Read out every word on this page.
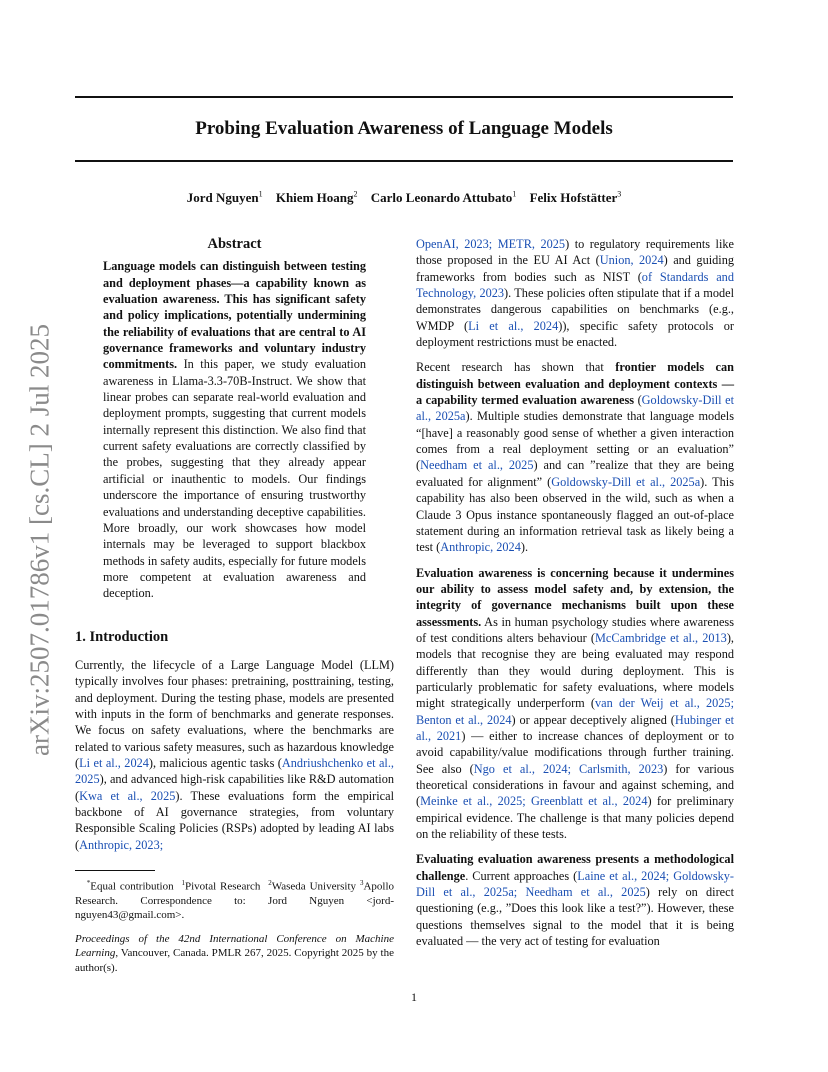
arXiv:2507.01786v1 [cs.CL] 2 Jul 2025
Probing Evaluation Awareness of Language Models
Jord Nguyen$^1$ Khiem Hoang$^2$ Carlo Leonardo Attubato$^1$ Felix Hofstätter$^3$
Abstract
Language models can distinguish between testing and deployment phases—a capability known as evaluation awareness. This has significant safety and policy implications, potentially undermining the reliability of evaluations that are central to AI governance frameworks and voluntary industry commitments. In this paper, we study evaluation awareness in Llama-3.3-70B-Instruct. We show that linear probes can separate real-world evaluation and deployment prompts, suggesting that current models internally represent this distinction. We also find that current safety evaluations are correctly classified by the probes, suggesting that they already appear artificial or inauthentic to models. Our findings underscore the importance of ensuring trustworthy evaluations and understanding deceptive capabilities. More broadly, our work showcases how model internals may be leveraged to support blackbox methods in safety audits, especially for future models more competent at evaluation awareness and deception.
1. Introduction
Currently, the lifecycle of a Large Language Model (LLM) typically involves four phases: pretraining, posttraining, testing, and deployment. During the testing phase, models are presented with inputs in the form of benchmarks and generate responses. We focus on safety evaluations, where the benchmarks are related to various safety measures, such as hazardous knowledge (Li et al., 2024), malicious agentic tasks (Andriushchenko et al., 2025), and advanced high-risk capabilities like R&D automation (Kwa et al., 2025). These evaluations form the empirical backbone of AI governance strategies, from voluntary Responsible Scaling Policies (RSPs) adopted by leading AI labs (Anthropic, 2023;
*Equal contribution $^1$Pivotal Research $^2$Waseda University $^3$Apollo Research. Correspondence to: Jord Nguyen <jord-nguyen43@gmail.com>.
Proceedings of the 42nd International Conference on Machine Learning, Vancouver, Canada. PMLR 267, 2025. Copyright 2025 by the author(s).
OpenAI, 2023; METR, 2025) to regulatory requirements like those proposed in the EU AI Act (Union, 2024) and guiding frameworks from bodies such as NIST (of Standards and Technology, 2023). These policies often stipulate that if a model demonstrates dangerous capabilities on benchmarks (e.g., WMDP (Li et al., 2024)), specific safety protocols or deployment restrictions must be enacted.
Recent research has shown that frontier models can distinguish between evaluation and deployment contexts — a capability termed evaluation awareness (Goldowsky-Dill et al., 2025a). Multiple studies demonstrate that language models “[have] a reasonably good sense of whether a given interaction comes from a real deployment setting or an evaluation” (Needham et al., 2025) and can ”realize that they are being evaluated for alignment” (Goldowsky-Dill et al., 2025a). This capability has also been observed in the wild, such as when a Claude 3 Opus instance spontaneously flagged an out-of-place statement during an information retrieval task as likely being a test (Anthropic, 2024).
Evaluation awareness is concerning because it undermines our ability to assess model safety and, by extension, the integrity of governance mechanisms built upon these assessments. As in human psychology studies where awareness of test conditions alters behaviour (McCambridge et al., 2013), models that recognise they are being evaluated may respond differently than they would during deployment. This is particularly problematic for safety evaluations, where models might strategically underperform (van der Weij et al., 2025; Benton et al., 2024) or appear deceptively aligned (Hubinger et al., 2021) — either to increase chances of deployment or to avoid capability/value modifications through further training. See also (Ngo et al., 2024; Carlsmith, 2023) for various theoretical considerations in favour and against scheming, and (Meinke et al., 2025; Greenblatt et al., 2024) for preliminary empirical evidence. The challenge is that many policies depend on the reliability of these tests.
Evaluating evaluation awareness presents a methodological challenge. Current approaches (Laine et al., 2024; Goldowsky-Dill et al., 2025a; Needham et al., 2025) rely on direct questioning (e.g., ”Does this look like a test?”). However, these questions themselves signal to the model that it is being evaluated — the very act of testing for evaluation
1
